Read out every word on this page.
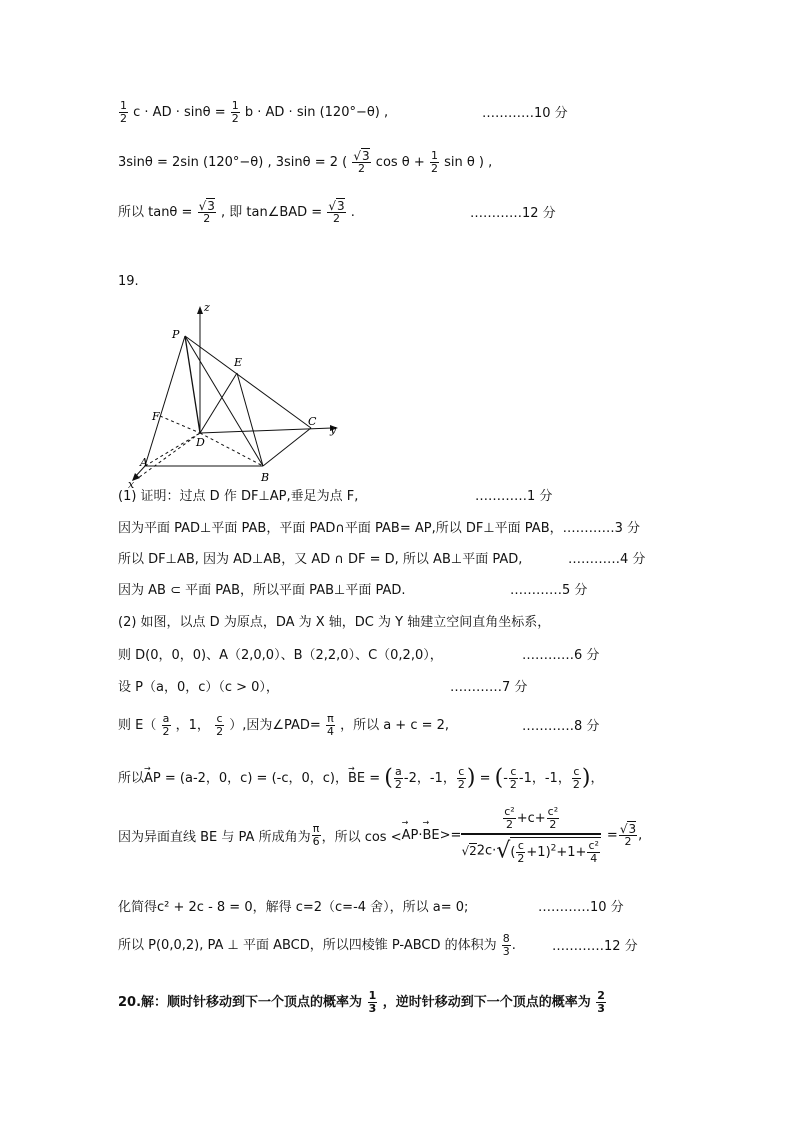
$\frac{1}{2}$ c · AD · $\sin\theta = \frac{1}{2}$ b · AD · sin (120°−θ) ,	…………10 分
3sinθ = 2sin (120°−θ) , 3sinθ = 2 ( $\frac{√3}{2}$ $\cos \theta + \frac{1}{2}$ sin θ ) ,
所以 $\tan\theta = \frac{√3}{2}$ , 即 tan∠BAD = $\frac{√3}{2}$ .	…………12 分
19.
z
P
E
F
D
C
y
A
B
x
(1) 证明：过点 D 作 DF⊥AP,垂足为点 F,	…………1 分
因为平面 PAD⊥平面 PAB，平面 PAD∩平面 PAB= AP,所以 DF⊥平面 PAB，…………3 分
所以 DF⊥AB, 因为 AD⊥AB，又 AD ∩ DF = D, 所以 AB⊥平面 PAD,	…………4 分
因为 AB ⊂ 平面 PAB，所以平面 PAB⊥平面 PAD.	…………5 分
(2) 如图，以点 D 为原点，DA 为 X 轴，DC 为 Y 轴建立空间直角坐标系，
则 D(0，0，0)、A（2,0,0）、B（2,2,0）、C（0,2,0），	…………6 分
设 P（a，0，c）（c > 0），	…………7 分
则 $E( \frac{a}{2}$ ，1， $\frac{c}{2}$ ）,因为∠PAD= $\frac{\pi}{4}$ ，所以 a + c = 2,	…………8 分
所以→ AP = (a-2，0，c) = (-c，0，c)，→ BE = ( $\frac{a}{2} -2$，-1， $\frac{c}{2}$ ) = (- $\frac{c}{2} -1$，-1， $\frac{c}{2}$ )，
因为异面直线 BE 与 PA 所成角为 $\frac{\pi}{6}$ ，所以 $\cos <\to AP\cdot\to BE>= \frac{\frac{\text{c²}}{2} +c+ \frac{\text{c²}}{2}}{√22c\cdot√( \frac{c}{2} +1)^2+1+ \frac{\text{c²}}{4}} = \frac{√3}{2}$ ,
化简得c² + 2c - 8 = 0，解得 c=2（c=-4 舍），所以 a= 0;	…………10 分
所以 P(0,0,2), PA ⊥ 平面 ABCD，所以四棱锥 P-ABCD 的体积为 $\frac{8}{3}$ .	…………12 分
20.解：顺时针移动到下一个顶点的概率为 $\frac{1}{3}$ ，逆时针移动到下一个顶点的概率为 $\frac{2}{3}$
